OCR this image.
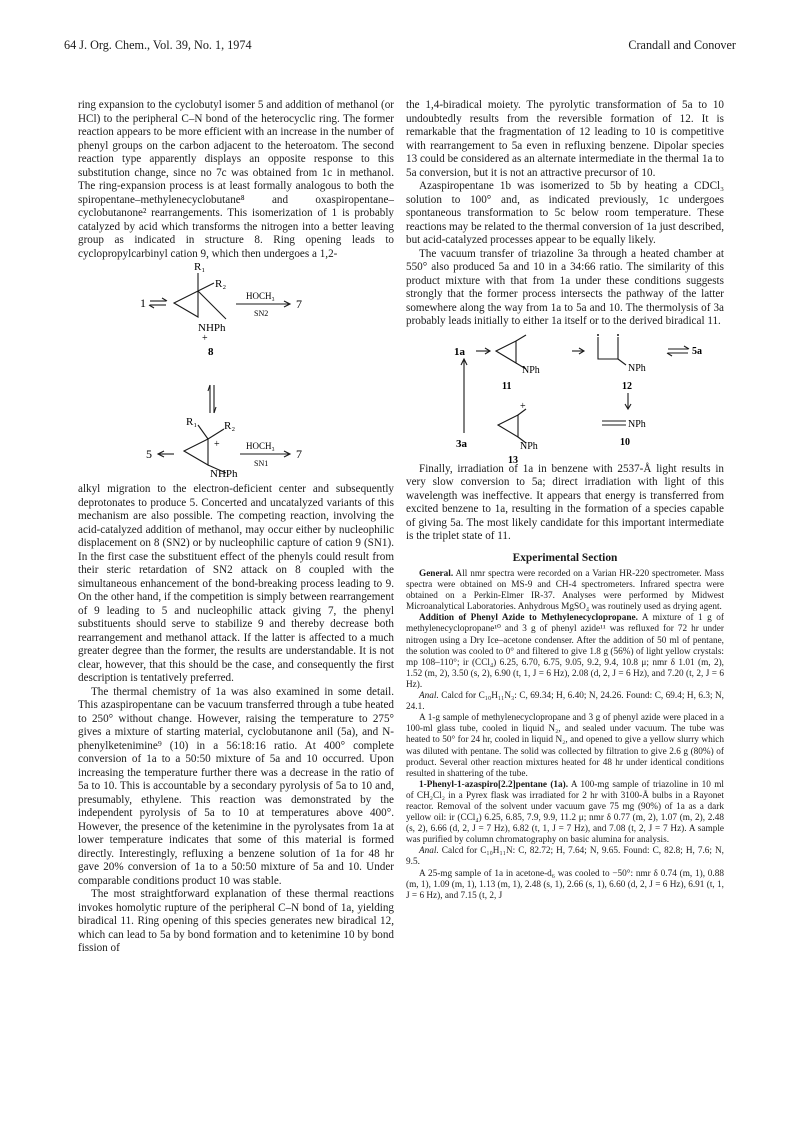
64 J. Org. Chem., Vol. 39, No. 1, 1974	Crandall and Conover

ring expansion to the cyclobutyl isomer 5 and addition of methanol (or HCl) to the peripheral C–N bond of the heterocyclic ring. The former reaction appears to be more efficient with an increase in the number of phenyl groups on the carbon adjacent to the heteroatom. The second reaction type apparently displays an opposite response to this substitution change, since no 7c was obtained from 1c in methanol. The ring-expansion process is at least formally analogous to both the spiropentane–methylenecyclobutane⁸ and oxaspiropentane–cyclobutanone² rearrangements. This isomerization of 1 is probably catalyzed by acid which transforms the nitrogen into a better leaving group as indicated in structure 8. Ring opening leads to cyclopropylcarbinyl cation 9, which then undergoes a 1,2-

1
R₁
R₂
NHPh
+
HOCH₃
SN2
7
8
5
R₁ R₂
+
NHPh
HOCH₃
SN1
7

alkyl migration to the electron-deficient center and subsequently deprotonates to produce 5. Concerted and uncatalyzed variants of this mechanism are also possible. The competing reaction, involving the acid-catalyzed addition of methanol, may occur either by nucleophilic displacement on 8 (SN2) or by nucleophilic capture of cation 9 (SN1). In the first case the substituent effect of the phenyls could result from their steric retardation of SN2 attack on 8 coupled with the simultaneous enhancement of the bond-breaking process leading to 9. On the other hand, if the competition is simply between rearrangement of 9 leading to 5 and nucleophilic attack giving 7, the phenyl substituents should serve to stabilize 9 and thereby decrease both rearrangement and methanol attack. If the latter is affected to a much greater degree than the former, the results are understandable. It is not clear, however, that this should be the case, and consequently the first description is tentatively preferred.

The thermal chemistry of 1a was also examined in some detail. This azaspiropentane can be vacuum transferred through a tube heated to 250° without change. However, raising the temperature to 275° gives a mixture of starting material, cyclobutanone anil (5a), and N-phenylketenimine⁹ (10) in a 56:18:16 ratio. At 400° complete conversion of 1a to a 50:50 mixture of 5a and 10 occurred. Upon increasing the temperature further there was a decrease in the ratio of 5a to 10. This is accountable by a secondary pyrolysis of 5a to 10 and, presumably, ethylene. This reaction was demonstrated by the independent pyrolysis of 5a to 10 at temperatures above 400°. However, the presence of the ketenimine in the pyrolysates from 1a at lower temperature indicates that some of this material is formed directly. Interestingly, refluxing a benzene solution of 1a for 48 hr gave 20% conversion of 1a to a 50:50 mixture of 5a and 10. Under comparable conditions product 10 was stable.

The most straightforward explanation of these thermal reactions invokes homolytic rupture of the peripheral C–N bond of 1a, yielding biradical 11. Ring opening of this species generates new biradical 12, which can lead to 5a by bond formation and to ketenimine 10 by bond fission of

the 1,4-biradical moiety. The pyrolytic transformation of 5a to 10 undoubtedly results from the reversible formation of 12. It is remarkable that the fragmentation of 12 leading to 10 is competitive with rearrangement to 5a even in refluxing benzene. Dipolar species 13 could be considered as an alternate intermediate in the thermal 1a to 5a conversion, but it is not an attractive precursor of 10.

Azaspiropentane 1b was isomerized to 5b by heating a CDCl₃ solution to 100° and, as indicated previously, 1c undergoes spontaneous transformation to 5c below room temperature. These reactions may be related to the thermal conversion of 1a just described, but acid-catalyzed processes appear to be equally likely.

The vacuum transfer of triazoline 3a through a heated chamber at 550° also produced 5a and 10 in a 34:66 ratio. The similarity of this product mixture with that from 1a under these conditions suggests strongly that the former process intersects the pathway of the latter somewhere along the way from 1a to 5a and 10. The thermolysis of 3a probably leads initially to either 1a itself or to the derived biradical 11.

1a
NPh
11
NPh
12
5a
3a
+
NPh
13
NPh
10

Finally, irradiation of 1a in benzene with 2537-Å light results in very slow conversion to 5a; direct irradiation with light of this wavelength was ineffective. It appears that energy is transferred from excited benzene to 1a, resulting in the formation of a species capable of giving 5a. The most likely candidate for this important intermediate is the triplet state of 11.

Experimental Section

General. All nmr spectra were recorded on a Varian HR-220 spectrometer. Mass spectra were obtained on MS-9 and CH-4 spectrometers. Infrared spectra were obtained on a Perkin-Elmer IR-37. Analyses were performed by Midwest Microanalytical Laboratories. Anhydrous MgSO₄ was routinely used as drying agent.

Addition of Phenyl Azide to Methylenecyclopropane. A mixture of 1 g of methylenecyclopropane¹⁰ and 3 g of phenyl azide¹¹ was refluxed for 72 hr under nitrogen using a Dry Ice–acetone condenser. After the addition of 50 ml of pentane, the solution was cooled to 0° and filtered to give 1.8 g (56%) of light yellow crystals: mp 108–110°; ir (CCl₄) 6.25, 6.70, 6.75, 9.05, 9.2, 9.4, 10.8 μ; nmr δ 1.01 (m, 2), 1.52 (m, 2), 3.50 (s, 2), 6.90 (t, 1, J = 6 Hz), 2.08 (d, 2, J = 6 Hz), and 7.20 (t, 2, J = 6 Hz).

Anal. Calcd for C₁₀H₁₁N₃: C, 69.34; H, 6.40; N, 24.26. Found: C, 69.4; H, 6.3; N, 24.1.

A 1-g sample of methylenecyclopropane and 3 g of phenyl azide were placed in a 100-ml glass tube, cooled in liquid N₂, and sealed under vacuum. The tube was heated to 50° for 24 hr, cooled in liquid N₂, and opened to give a yellow slurry which was diluted with pentane. The solid was collected by filtration to give 2.6 g (80%) of product. Several other reaction mixtures heated for 48 hr under identical conditions resulted in shattering of the tube.

1-Phenyl-1-azaspiro[2.2]pentane (1a). A 100-mg sample of triazoline in 10 ml of CH₂Cl₂ in a Pyrex flask was irradiated for 2 hr with 3100-Å bulbs in a Rayonet reactor. Removal of the solvent under vacuum gave 75 mg (90%) of 1a as a dark yellow oil: ir (CCl₄) 6.25, 6.85, 7.9, 9.9, 11.2 μ; nmr δ 0.77 (m, 2), 1.07 (m, 2), 2.48 (s, 2), 6.66 (d, 2, J = 7 Hz), 6.82 (t, 1, J = 7 Hz), and 7.08 (t, 2, J = 7 Hz). A sample was purified by column chromatography on basic alumina for analysis.

Anal. Calcd for C₁₀H₁₁N: C, 82.72; H, 7.64; N, 9.65. Found: C, 82.8; H, 7.6; N, 9.5.

A 25-mg sample of 1a in acetone-d₆ was cooled to −50°: nmr δ 0.74 (m, 1), 0.88 (m, 1), 1.09 (m, 1), 1.13 (m, 1), 2.48 (s, 1), 2.66 (s, 1), 6.60 (d, 2, J = 6 Hz), 6.91 (t, 1, J = 6 Hz), and 7.15 (t, 2, J
